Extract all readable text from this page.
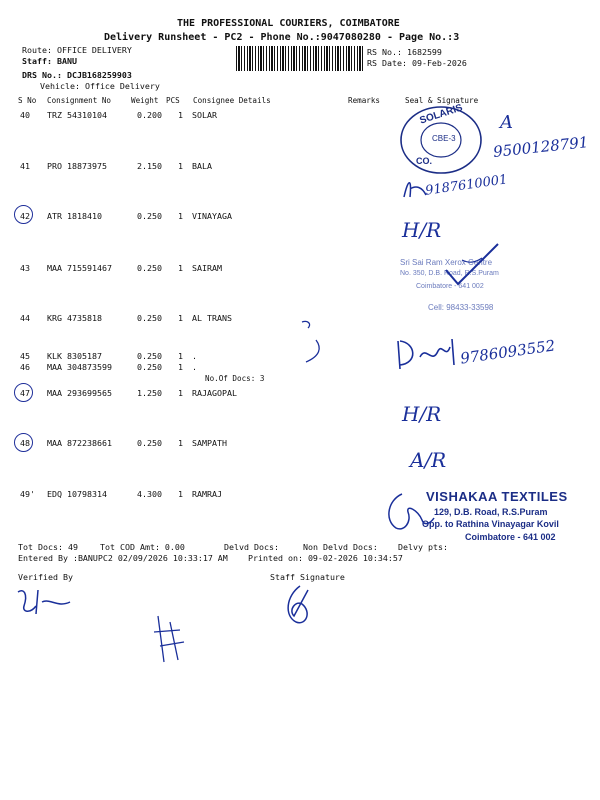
THE PROFESSIONAL COURIERS, COIMBATORE
Delivery Runsheet - PC2 - Phone No.:9047080280 - Page No.:3
Route: OFFICE DELIVERY
Staff: BANU
DRS No.: DCJB168259903
Vehicle: Office Delivery
RS No.: 1682599
RS Date: 09-Feb-2026
S No Consignment No	Weight PCS Consignee Details	Remarks	Seal & Signature
40 TRZ 54310104	0.200 1 SOLAR
41 PRO 18873975	2.150 1 BALA
42 ATR 1818410	0.250 1 VINAYAGA
43 MAA 715591467	0.250 1 SAIRAM
44 KRG 4735818	0.250 1 AL TRANS
45 KLK 8305187	0.250 1 .
46 MAA 304873599	0.250 1 .
No.Of Docs: 3
47 MAA 293699565	1.250 1 RAJAGOPAL
48 MAA 872238661	0.250 1 SAMPATH
49' EDQ 10798314	4.300 1 RAMRAJ
SOLARIS
CBE-3
CO.
A
9500128791
9187610001
H/R
Sri Sai Ram Xerox Centre
No. 350, D.B. Road, R.S.Puram
Coimbatore - 641 002
Cell: 98433-33598
9786093552
H/R
A/R
VISHAKAA TEXTILES
129, D.B. Road, R.S.Puram
Opp. to Rathina Vinayagar Kovil
Coimbatore - 641 002
Tot Docs: 49	Tot COD Amt: 0.00	Delvd Docs:	Non Delvd Docs: Delvy pts:
Entered By :BANUPC2 02/09/2026 10:33:17 AM Printed on: 09-02-2026 10:34:57
Verified By	Staff Signature
